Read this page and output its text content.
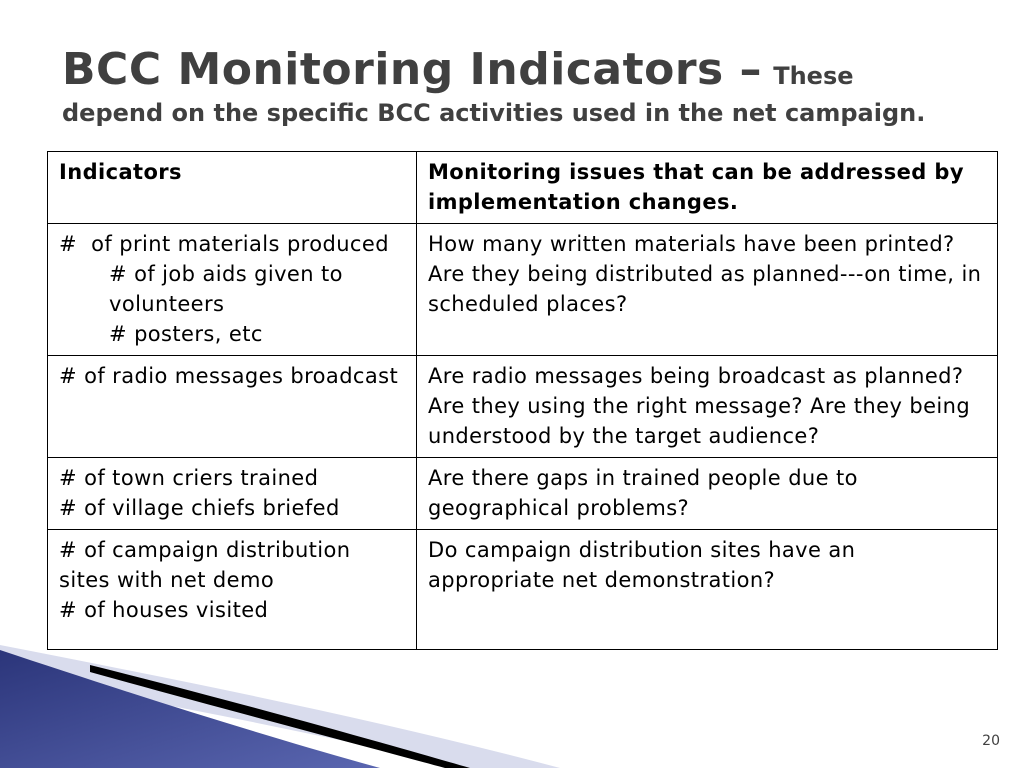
BCC Monitoring Indicators – These
depend on the specific BCC activities used in the net campaign.
Indicators	Monitoring issues that can be addressed by implementation changes.

#  of print materials produced
# of job aids given to volunteers
# posters, etc	How many written materials have been printed? Are they being distributed as planned---on time, in scheduled places?

# of radio messages broadcast	Are radio messages being broadcast as planned? Are they using the right message? Are they being understood by the target audience?

# of town criers trained
# of village chiefs briefed	Are there gaps in trained people due to geographical problems?

# of campaign distribution sites with net demo
# of houses visited	Do campaign distribution sites have an appropriate net demonstration?
20
